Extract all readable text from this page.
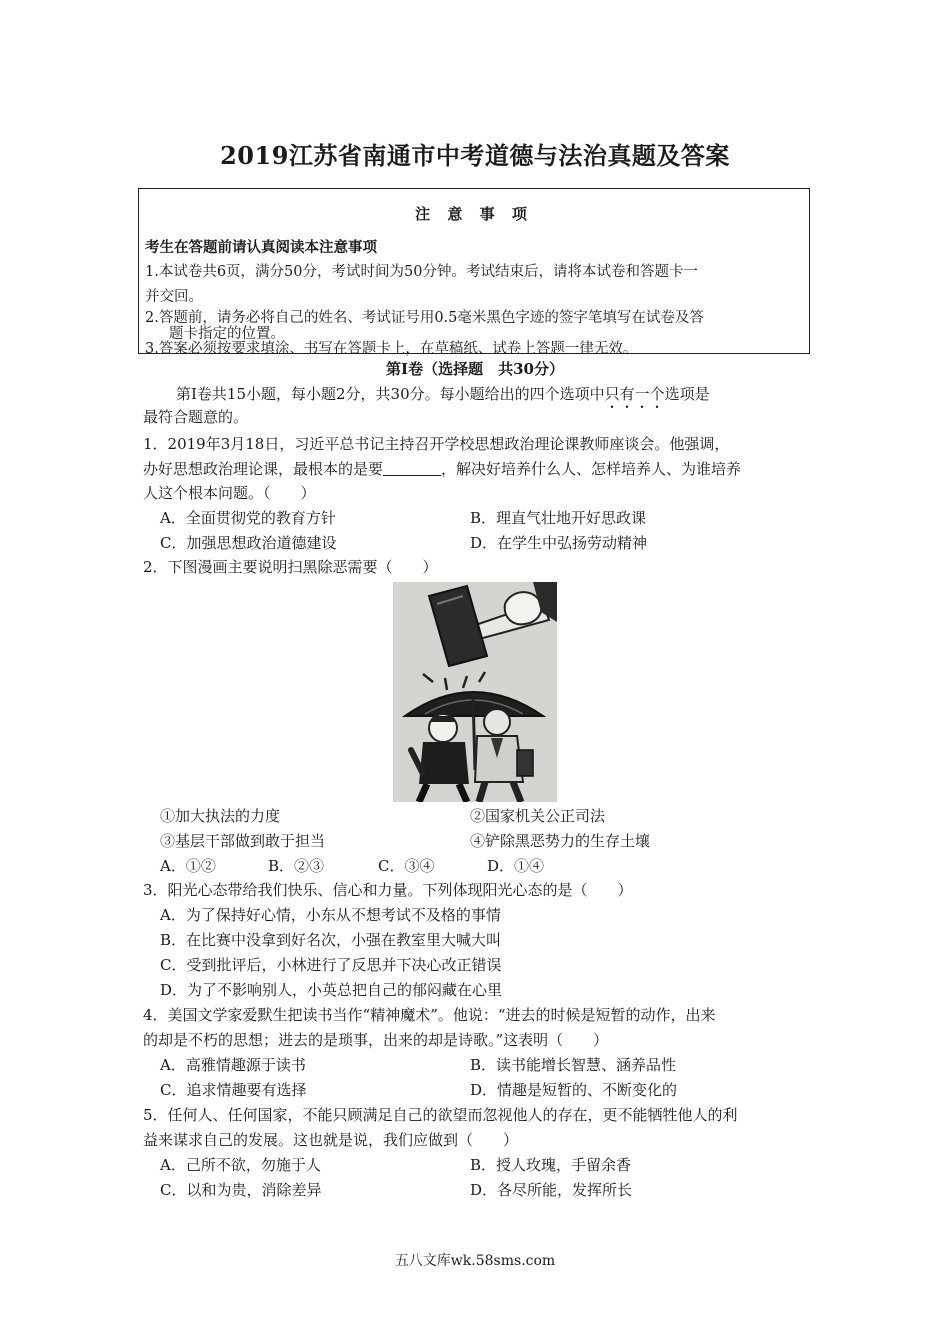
2019江苏省南通市中考道德与法治真题及答案
注 意 事 项
考生在答题前请认真阅读本注意事项
1.本试卷共6页，满分50分，考试时间为50分钟。考试结束后，请将本试卷和答题卡一
并交回。
2.答题前，请务必将自己的姓名、考试证号用0.5毫米黑色字迹的签字笔填写在试卷及答
题卡指定的位置。
3.答案必须按要求填涂、书写在答题卡上，在草稿纸、试卷上答题一律无效。
第Ⅰ卷（选择题　共30分）
第Ⅰ卷共15小题，每小题2分，共30分。每小题给出的四个选项中只有一个选项是
最符合题意的。
1．2019年3月18日，习近平总书记主持召开学校思想政治理论课教师座谈会。他强调，
办好思想政治理论课，最根本的是要	，解决好培养什么人、怎样培养人、为谁培养
人这个根本问题。（　　）
A．全面贯彻党的教育方针	B．理直气壮地开好思政课
C．加强思想政治道德建设	D．在学生中弘扬劳动精神
2．下图漫画主要说明扫黑除恶需要（　　）
①加大执法的力度	②国家机关公正司法
③基层干部做到敢于担当	④铲除黑恶势力的生存土壤
A．①②	B．②③	C．③④	D．①④
3．阳光心态带给我们快乐、信心和力量。下列体现阳光心态的是（　　）
A．为了保持好心情，小东从不想考试不及格的事情
B．在比赛中没拿到好名次，小强在教室里大喊大叫
C．受到批评后，小林进行了反思并下决心改正错误
D．为了不影响别人，小英总把自己的郁闷藏在心里
4．美国文学家爱默生把读书当作“精神魔术”。他说：“进去的时候是短暂的动作，出来
的却是不朽的思想；进去的是琐事，出来的却是诗歌。”这表明（　　）
A．高雅情趣源于读书	B．读书能增长智慧、涵养品性
C．追求情趣要有选择	D．情趣是短暂的、不断变化的
5．任何人、任何国家，不能只顾满足自己的欲望而忽视他人的存在，更不能牺牲他人的利
益来谋求自己的发展。这也就是说，我们应做到（　　）
A．己所不欲，勿施于人	B．授人玫瑰，手留余香
C．以和为贵，消除差异	D．各尽所能，发挥所长
五八文库wk.58sms.com
